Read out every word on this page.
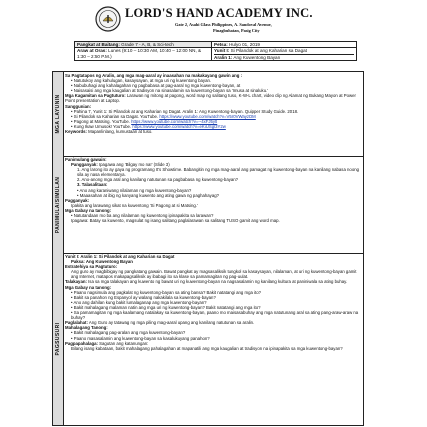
LORD'S HAND ACADEMY INC.
Gate 2, Asahi Glass Philippines, A. Sandoval Avenue,
Pinagbuhatan, Pasig City
Pangkat at Baitang: Grade 7 - A, B, & Sci-tech	Petsa: Hulyo 01, 2019
Araw at Oras: Lunes (9:10 – 10:30 AM, 10:40 – 12:00 NN, & 1:30 – 2:50 P.M.)
Yunit I: Si Pilandok at ang Kaharian sa Dagat
Aralin 1: Ang Kuwentong Bayan
MGA LAYUNIN

Sa Pagtatapos ng Aralin, ang mga mag-aaral ay inaasahan na makakayang gawin ang :

• Natutukoy ang kahulugan, kasaysayan, at mga uri ng kuwentong bayan.

• Nabubuhagi ang kahalagahan ng pagbabasa at pag-aaral ng mga kuwentong-bayan, at

• Naisasaisi ang mga kaugalian at tradisyon na sinasalamin sa kuwentong-bayan sa 'Imusa at sinaluku.'

Mga Kagamitan sa Pagtuturo: Larawan ng mitong at pagong, word map ng salitang tuso, K-W-L chart, video clip ng Alamat ng Bukang Mayon at Power Point presentation at Laptop.

Sanggunian:

• Pahina 7, Yunit 1: Si Pilandok at ang Kaharian ng Dagat. Aralin 1: Ang Kuwentong-bayan. Quipper Study Guide. 2018.

• Si Pilandok sa Kaharian sa Dagat. YouTube. https://www.youtube.com/watch?v=V5r0VWayzDM

• Pagong at Matsing. YouTube. https://www.youtube.com/watch?v=--4xFJ5ytl

• Kung Ikaw Umusok! YouTube. https://www.youtube.com/watch?v=eKiUSgl3Y2w

Keywords: Mapanlinlang, kumustaan at tuso.

PANIMULA/SIMULAN

Panimulang gawain:

Pangganyak: Ipagawa ang 'Bilgay mo na!' (Slide 3)

1. Ang larong ito ay gaya ng programang It's Showtime. Babangitin ng mga mag-aaral ang pamagat ng kuwentong-bayan na kanilang nabasa noong sila ay nasa elementarya.

2. Ano-anong mga aral ang kanilang natutunan sa pagbabasa ng kuwentong-bayan?

3. Talasalitaan:

• Ano ang karaniwang nilalaman ng mga kuwentong-bayan?

• Maaasahan at ibig ng kanyang kuwento ang ating gawa ng paghahayag?

Pagganyak:

Ipakita ang larawang sikat na kuwentong 'Si Pagong at si Matsing.'

Mga Gabay na tanong:

• Natutandaan mo ba ang nilalaman ng kuwentong ipinapakita sa larawan?

Ipagawa: Batay sa kuwento, magsulat ng isang salitang paglalarawan sa salitang TUSO gamit ang word map.

PAGSUSURI

Yunit I: Aralin 1: Si Pilandok at ang Kaharian sa Dagat

Paksa: Ang Kuwentong Bayan

Estratehiya sa Pagtuturo:

Ang guro ay magbibigay ng pangkatang gawain. Bawat pangkat ay magsasaliksik tungkol sa kasaysayan, nilalaman, at uri ng kuwentong-bayan gamit ang Internet, matapos makapagsaliksik ay ibabagi ito sa klase sa pamamagitan ng pag-uulat.

Talakayan: Isa sa mga talakayan ang kuwento ng bawat uri ng kuwentong-bayan na nagsasalamin ng kanilang kultura at paniniwala sa ating buhay.

Mga Gabay na tanong:

• Paano nagsimula ang pagkalat ng kuwentong-bayan sa ating bansa? Bakit natatangi ang mga ito?

• Bakit sa panahon ng Espanyol ay walang nakakilala sa kuwentong-bayan?

• Ano ang dahilan kung bakit lumalaganap ang mga kuwentong-bayan?

• Bakit mahalagang malaman natin ang mga uri ng kuwentong-bayan? Bakit natatangi ang mga ito?

• Sa pamamagitan ng mga kaalamang natalakay sa kuwentong-bayan, paano mo maisasabuhay ang mga natutunang aral sa ating pang-araw-araw na buhay?

Paglalahat: Ang Guro ay tatawag ng mga piling mag-aaral upang ang kanilang natutunan sa aralin.

Mahalagang Tanong:

• Bakit mahalagang pag-aralan ang mga kuwentong-bayan?

• Paano masasalamin ang kuwentong-bayan sa kasalukuyang panahon?

Pagpapahalaga: Sagutan ang katanungan:

Bilang isang kabataan, bakit mahalagang pahalagahan at mapanatili ang mga kaugalian at tradisyon na ipinapakita sa mga kuwentong-bayan?
